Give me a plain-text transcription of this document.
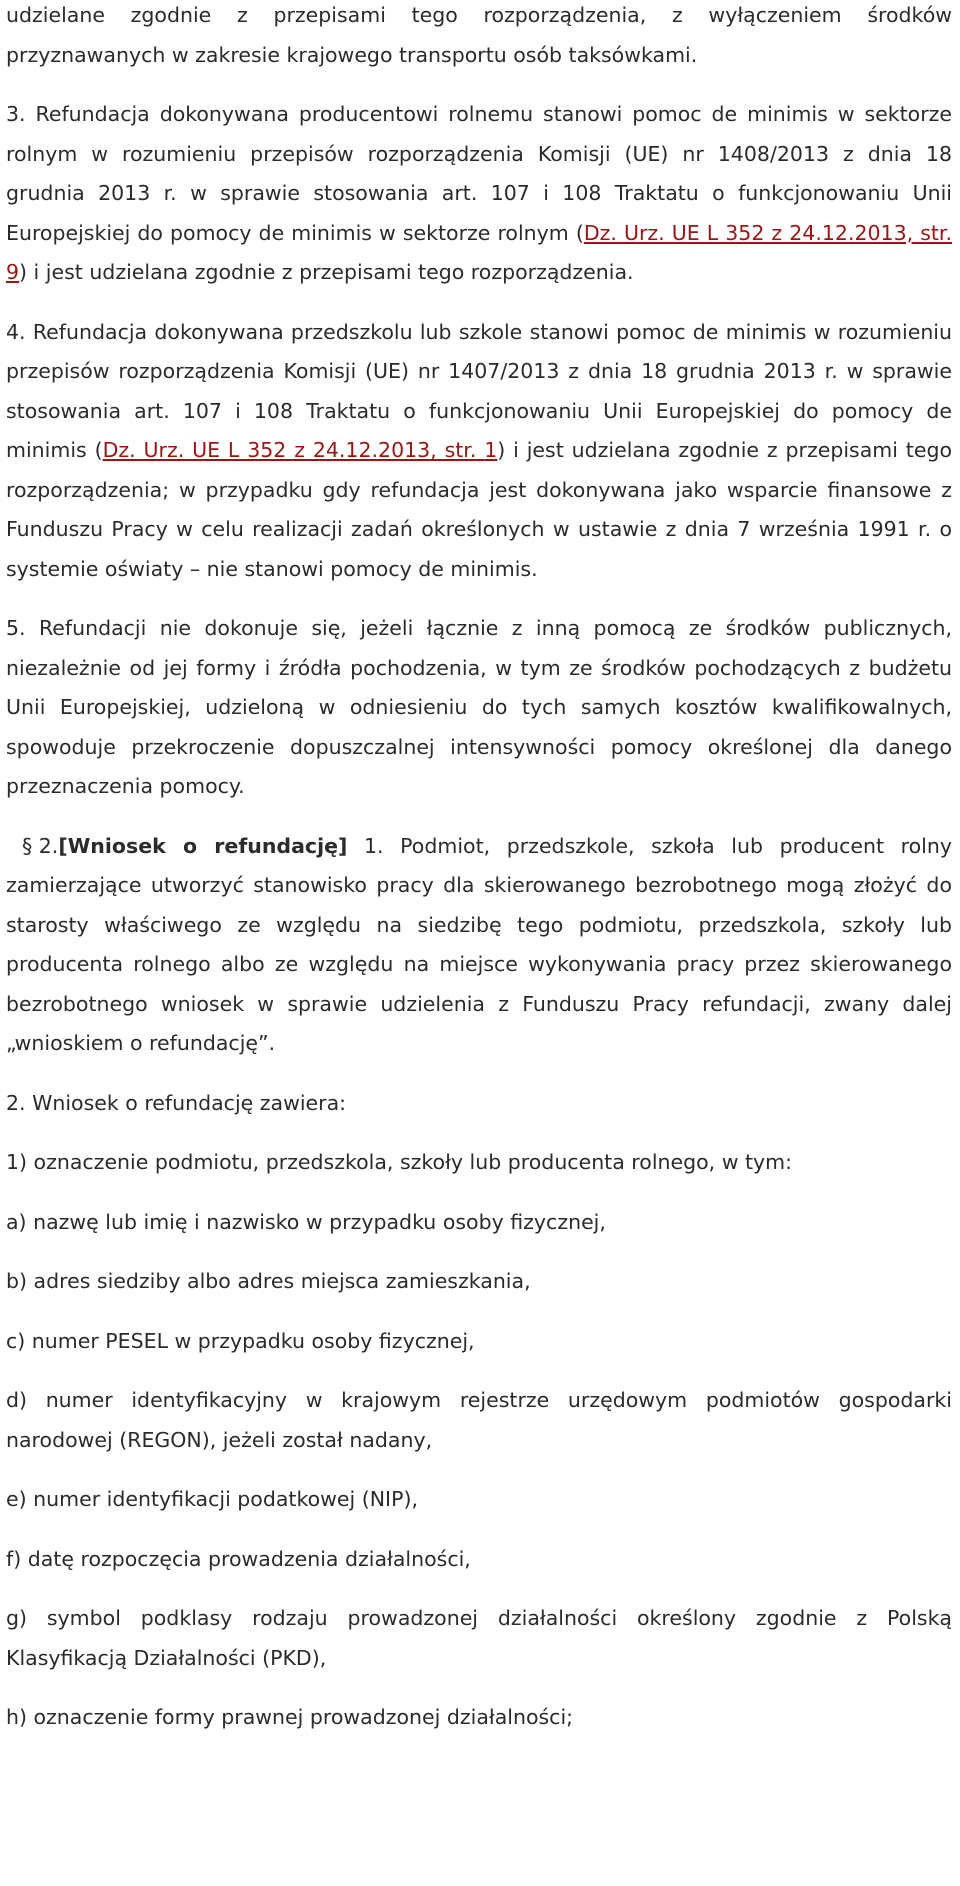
udzielane zgodnie z przepisami tego rozporządzenia, z wyłączeniem środków przyznawanych w zakresie krajowego transportu osób taksówkami.

3. Refundacja dokonywana producentowi rolnemu stanowi pomoc de minimis w sektorze rolnym w rozumieniu przepisów rozporządzenia Komisji (UE) nr 1408/2013 z dnia 18 grudnia 2013 r. w sprawie stosowania art. 107 i 108 Traktatu o funkcjonowaniu Unii Europejskiej do pomocy de minimis w sektorze rolnym (Dz. Urz. UE L 352 z 24.12.2013, str. 9) i jest udzielana zgodnie z przepisami tego rozporządzenia.

4. Refundacja dokonywana przedszkolu lub szkole stanowi pomoc de minimis w rozumieniu przepisów rozporządzenia Komisji (UE) nr 1407/2013 z dnia 18 grudnia 2013 r. w sprawie stosowania art. 107 i 108 Traktatu o funkcjonowaniu Unii Europejskiej do pomocy de minimis (Dz. Urz. UE L 352 z 24.12.2013, str. 1) i jest udzielana zgodnie z przepisami tego rozporządzenia; w przypadku gdy refundacja jest dokonywana jako wsparcie finansowe z Funduszu Pracy w celu realizacji zadań określonych w ustawie z dnia 7 września 1991 r. o systemie oświaty – nie stanowi pomocy de minimis.

5. Refundacji nie dokonuje się, jeżeli łącznie z inną pomocą ze środków publicznych, niezależnie od jej formy i źródła pochodzenia, w tym ze środków pochodzących z budżetu Unii Europejskiej, udzieloną w odniesieniu do tych samych kosztów kwalifikowalnych, spowoduje przekroczenie dopuszczalnej intensywności pomocy określonej dla danego przeznaczenia pomocy.

§ 2.[Wniosek o refundację] 1. Podmiot, przedszkole, szkoła lub producent rolny zamierzające utworzyć stanowisko pracy dla skierowanego bezrobotnego mogą złożyć do starosty właściwego ze względu na siedzibę tego podmiotu, przedszkola, szkoły lub producenta rolnego albo ze względu na miejsce wykonywania pracy przez skierowanego bezrobotnego wniosek w sprawie udzielenia z Funduszu Pracy refundacji, zwany dalej „wnioskiem o refundację”.

2. Wniosek o refundację zawiera:

1) oznaczenie podmiotu, przedszkola, szkoły lub producenta rolnego, w tym:

a) nazwę lub imię i nazwisko w przypadku osoby fizycznej,

b) adres siedziby albo adres miejsca zamieszkania,

c) numer PESEL w przypadku osoby fizycznej,

d) numer identyfikacyjny w krajowym rejestrze urzędowym podmiotów gospodarki narodowej (REGON), jeżeli został nadany,

e) numer identyfikacji podatkowej (NIP),

f) datę rozpoczęcia prowadzenia działalności,

g) symbol podklasy rodzaju prowadzonej działalności określony zgodnie z Polską Klasyfikacją Działalności (PKD),

h) oznaczenie formy prawnej prowadzonej działalności;
